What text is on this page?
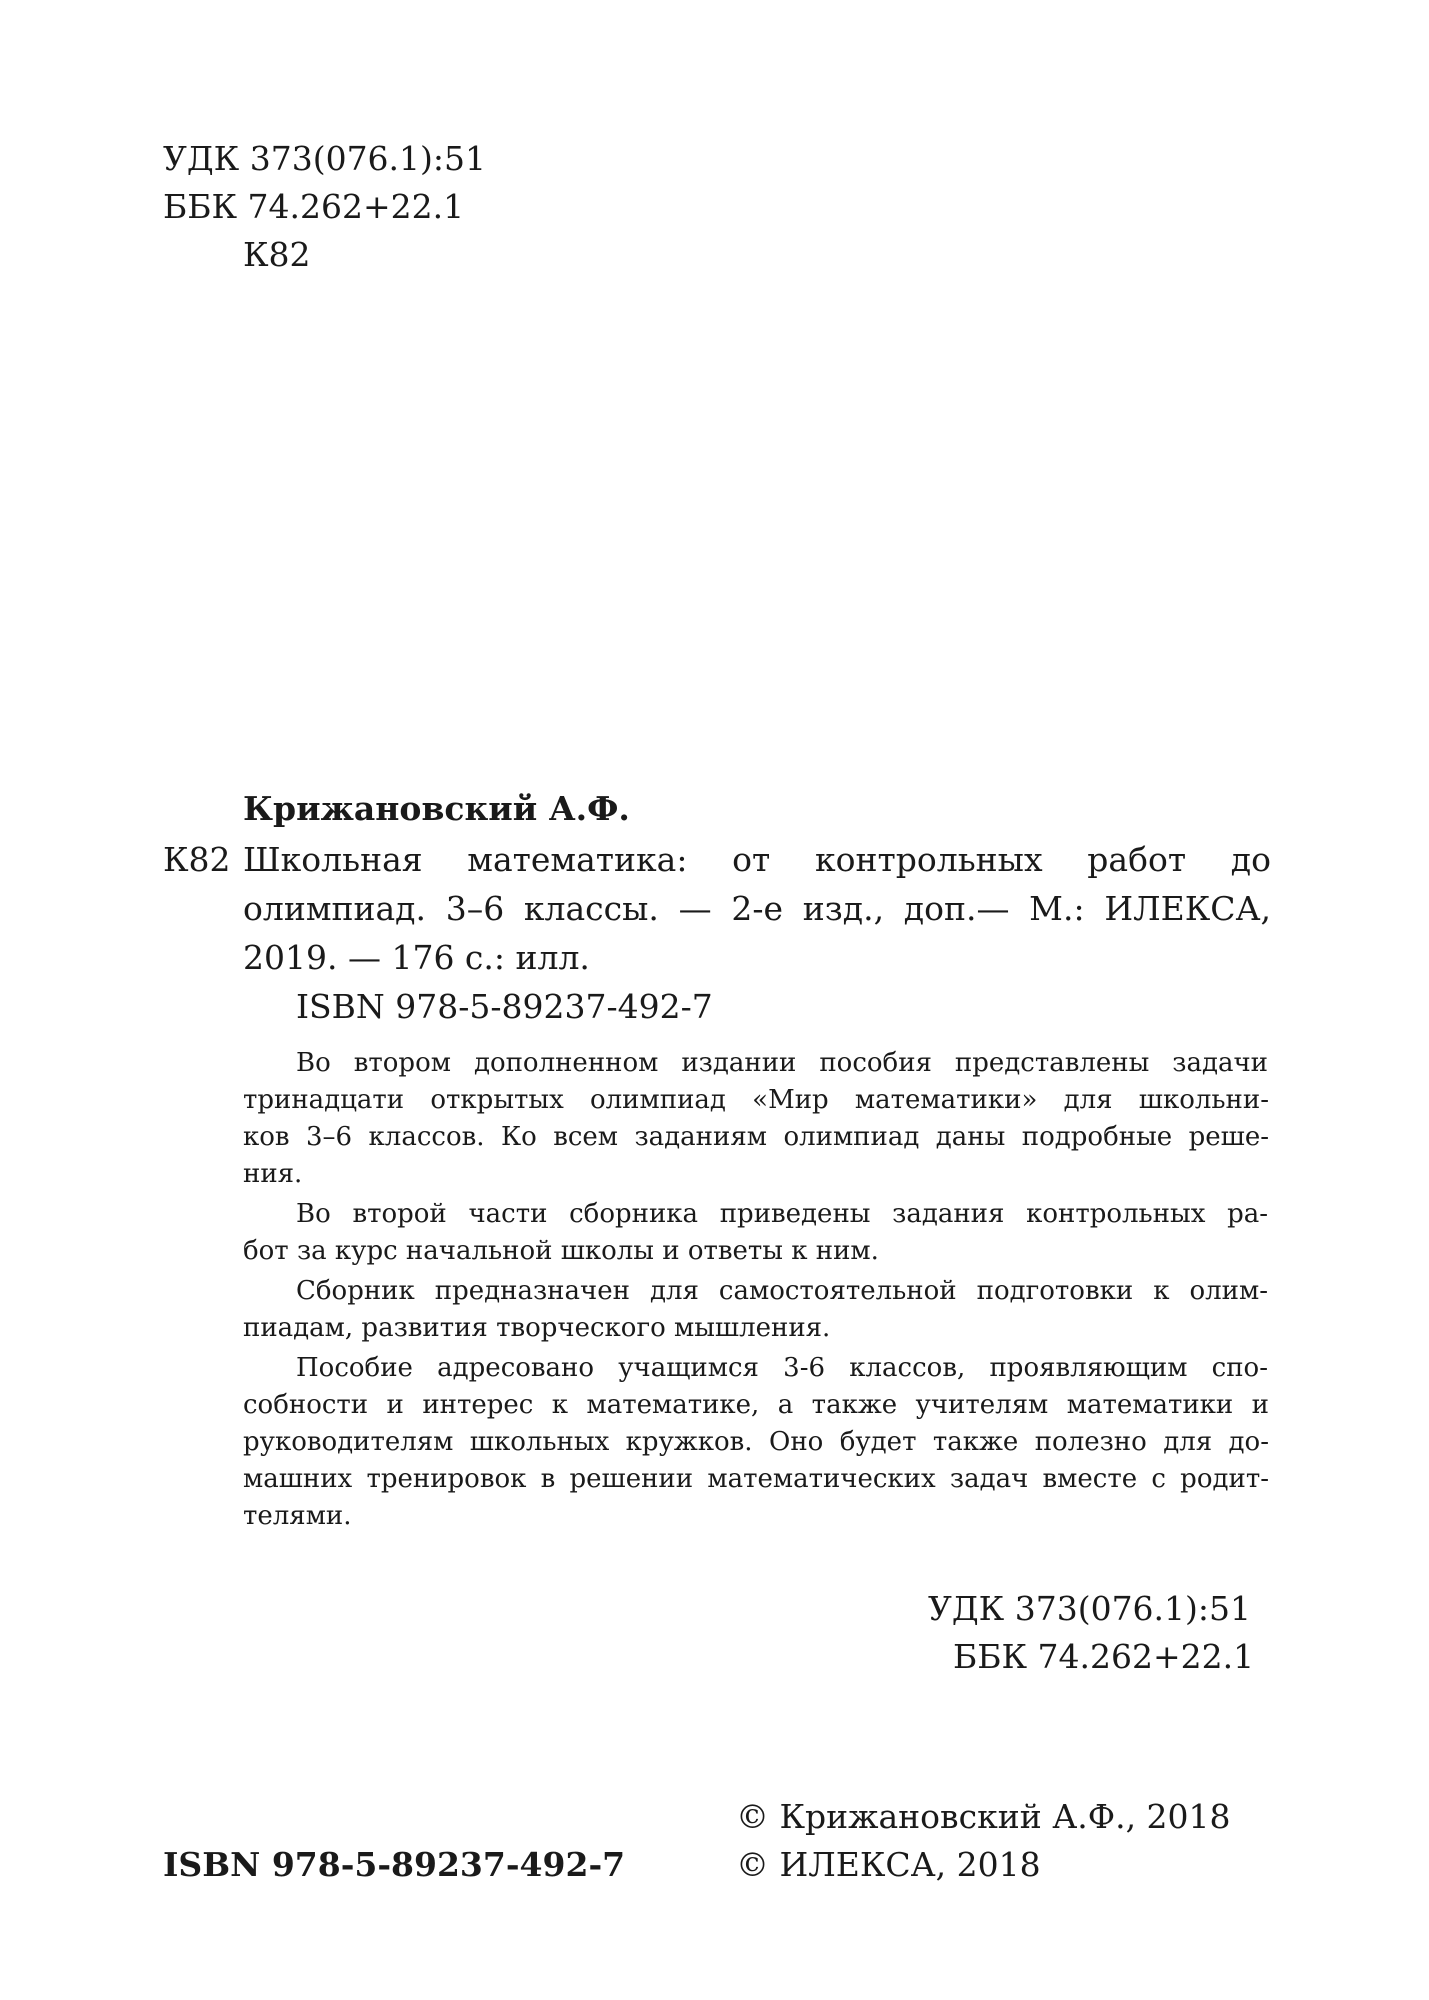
УДК 373(076.1):51
ББК 74.262+22.1
К82
Крижановский А.Ф.
К82 Школьная математика: от контрольных работ до
олимпиад. 3–6 классы. — 2-е изд., доп.— М.: ИЛЕКСА,
2019. — 176 с.: илл.
ISBN 978-5-89237-492-7
Во втором дополненном издании пособия представлены задачи
тринадцати открытых олимпиад «Мир математики» для школьни-
ков 3–6 классов. Ко всем заданиям олимпиад даны подробные реше-
ния.
Во второй части сборника приведены задания контрольных ра-
бот за курс начальной школы и ответы к ним.
Сборник предназначен для самостоятельной подготовки к олим-
пиадам, развития творческого мышления.
Пособие адресовано учащимся 3-6 классов, проявляющим спо-
собности и интерес к математике, а также учителям математики и
руководителям школьных кружков. Оно будет также полезно для до-
машних тренировок в решении математических задач вместе с родит-
телями.
УДК 373(076.1):51
ББК 74.262+22.1
ISBN 978-5-89237-492-7
© Крижановский А.Ф., 2018
© ИЛЕКСА, 2018
